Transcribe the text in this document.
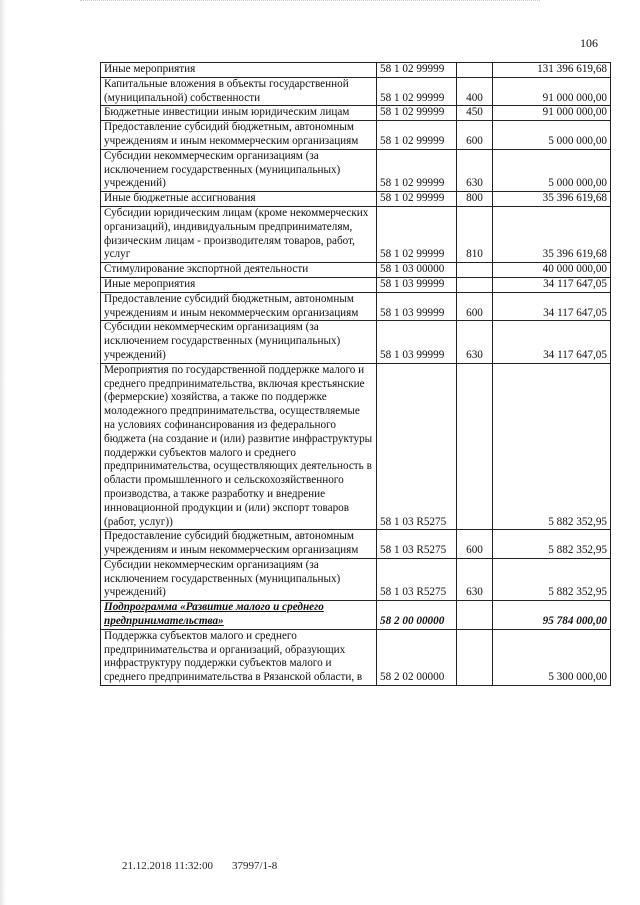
106
Иные мероприятия	58 1 02 99999		131 396 619,68
Капитальные вложения в объекты государственной (муниципальной) собственности	58 1 02 99999	400	91 000 000,00
Бюджетные инвестиции иным юридическим лицам	58 1 02 99999	450	91 000 000,00
Предоставление субсидий бюджетным, автономным учреждениям и иным некоммерческим организациям	58 1 02 99999	600	5 000 000,00
Субсидии некоммерческим организациям (за исключением государственных (муниципальных) учреждений)	58 1 02 99999	630	5 000 000,00
Иные бюджетные ассигнования	58 1 02 99999	800	35 396 619,68
Субсидии юридическим лицам (кроме некоммерческих организаций), индивидуальным предпринимателям, физическим лицам - производителям товаров, работ, услуг	58 1 02 99999	810	35 396 619,68
Стимулирование экспортной деятельности	58 1 03 00000		40 000 000,00
Иные мероприятия	58 1 03 99999		34 117 647,05
Предоставление субсидий бюджетным, автономным учреждениям и иным некоммерческим организациям	58 1 03 99999	600	34 117 647,05
Субсидии некоммерческим организациям (за исключением государственных (муниципальных) учреждений)	58 1 03 99999	630	34 117 647,05
Мероприятия по государственной поддержке малого и среднего предпринимательства, включая крестьянские (фермерские) хозяйства, а также по поддержке молодежного предпринимательства, осуществляемые на условиях софинансирования из федерального бюджета (на создание и (или) развитие инфраструктуры поддержки субъектов малого и среднего предпринимательства, осуществляющих деятельность в области промышленного и сельскохозяйственного производства, а также разработку и внедрение инновационной продукции и (или) экспорт товаров (работ, услуг))	58 1 03 R5275		5 882 352,95
Предоставление субсидий бюджетным, автономным учреждениям и иным некоммерческим организациям	58 1 03 R5275	600	5 882 352,95
Субсидии некоммерческим организациям (за исключением государственных (муниципальных) учреждений)	58 1 03 R5275	630	5 882 352,95
Подпрограмма «Развитие малого и среднего предпринимательства»	58 2 00 00000		95 784 000,00
Поддержка субъектов малого и среднего предпринимательства и организаций, образующих инфраструктуру поддержки субъектов малого и среднего предпринимательства в Рязанской области, в	58 2 02 00000		5 300 000,00
21.12.2018 11:32:00	37997/1-8
